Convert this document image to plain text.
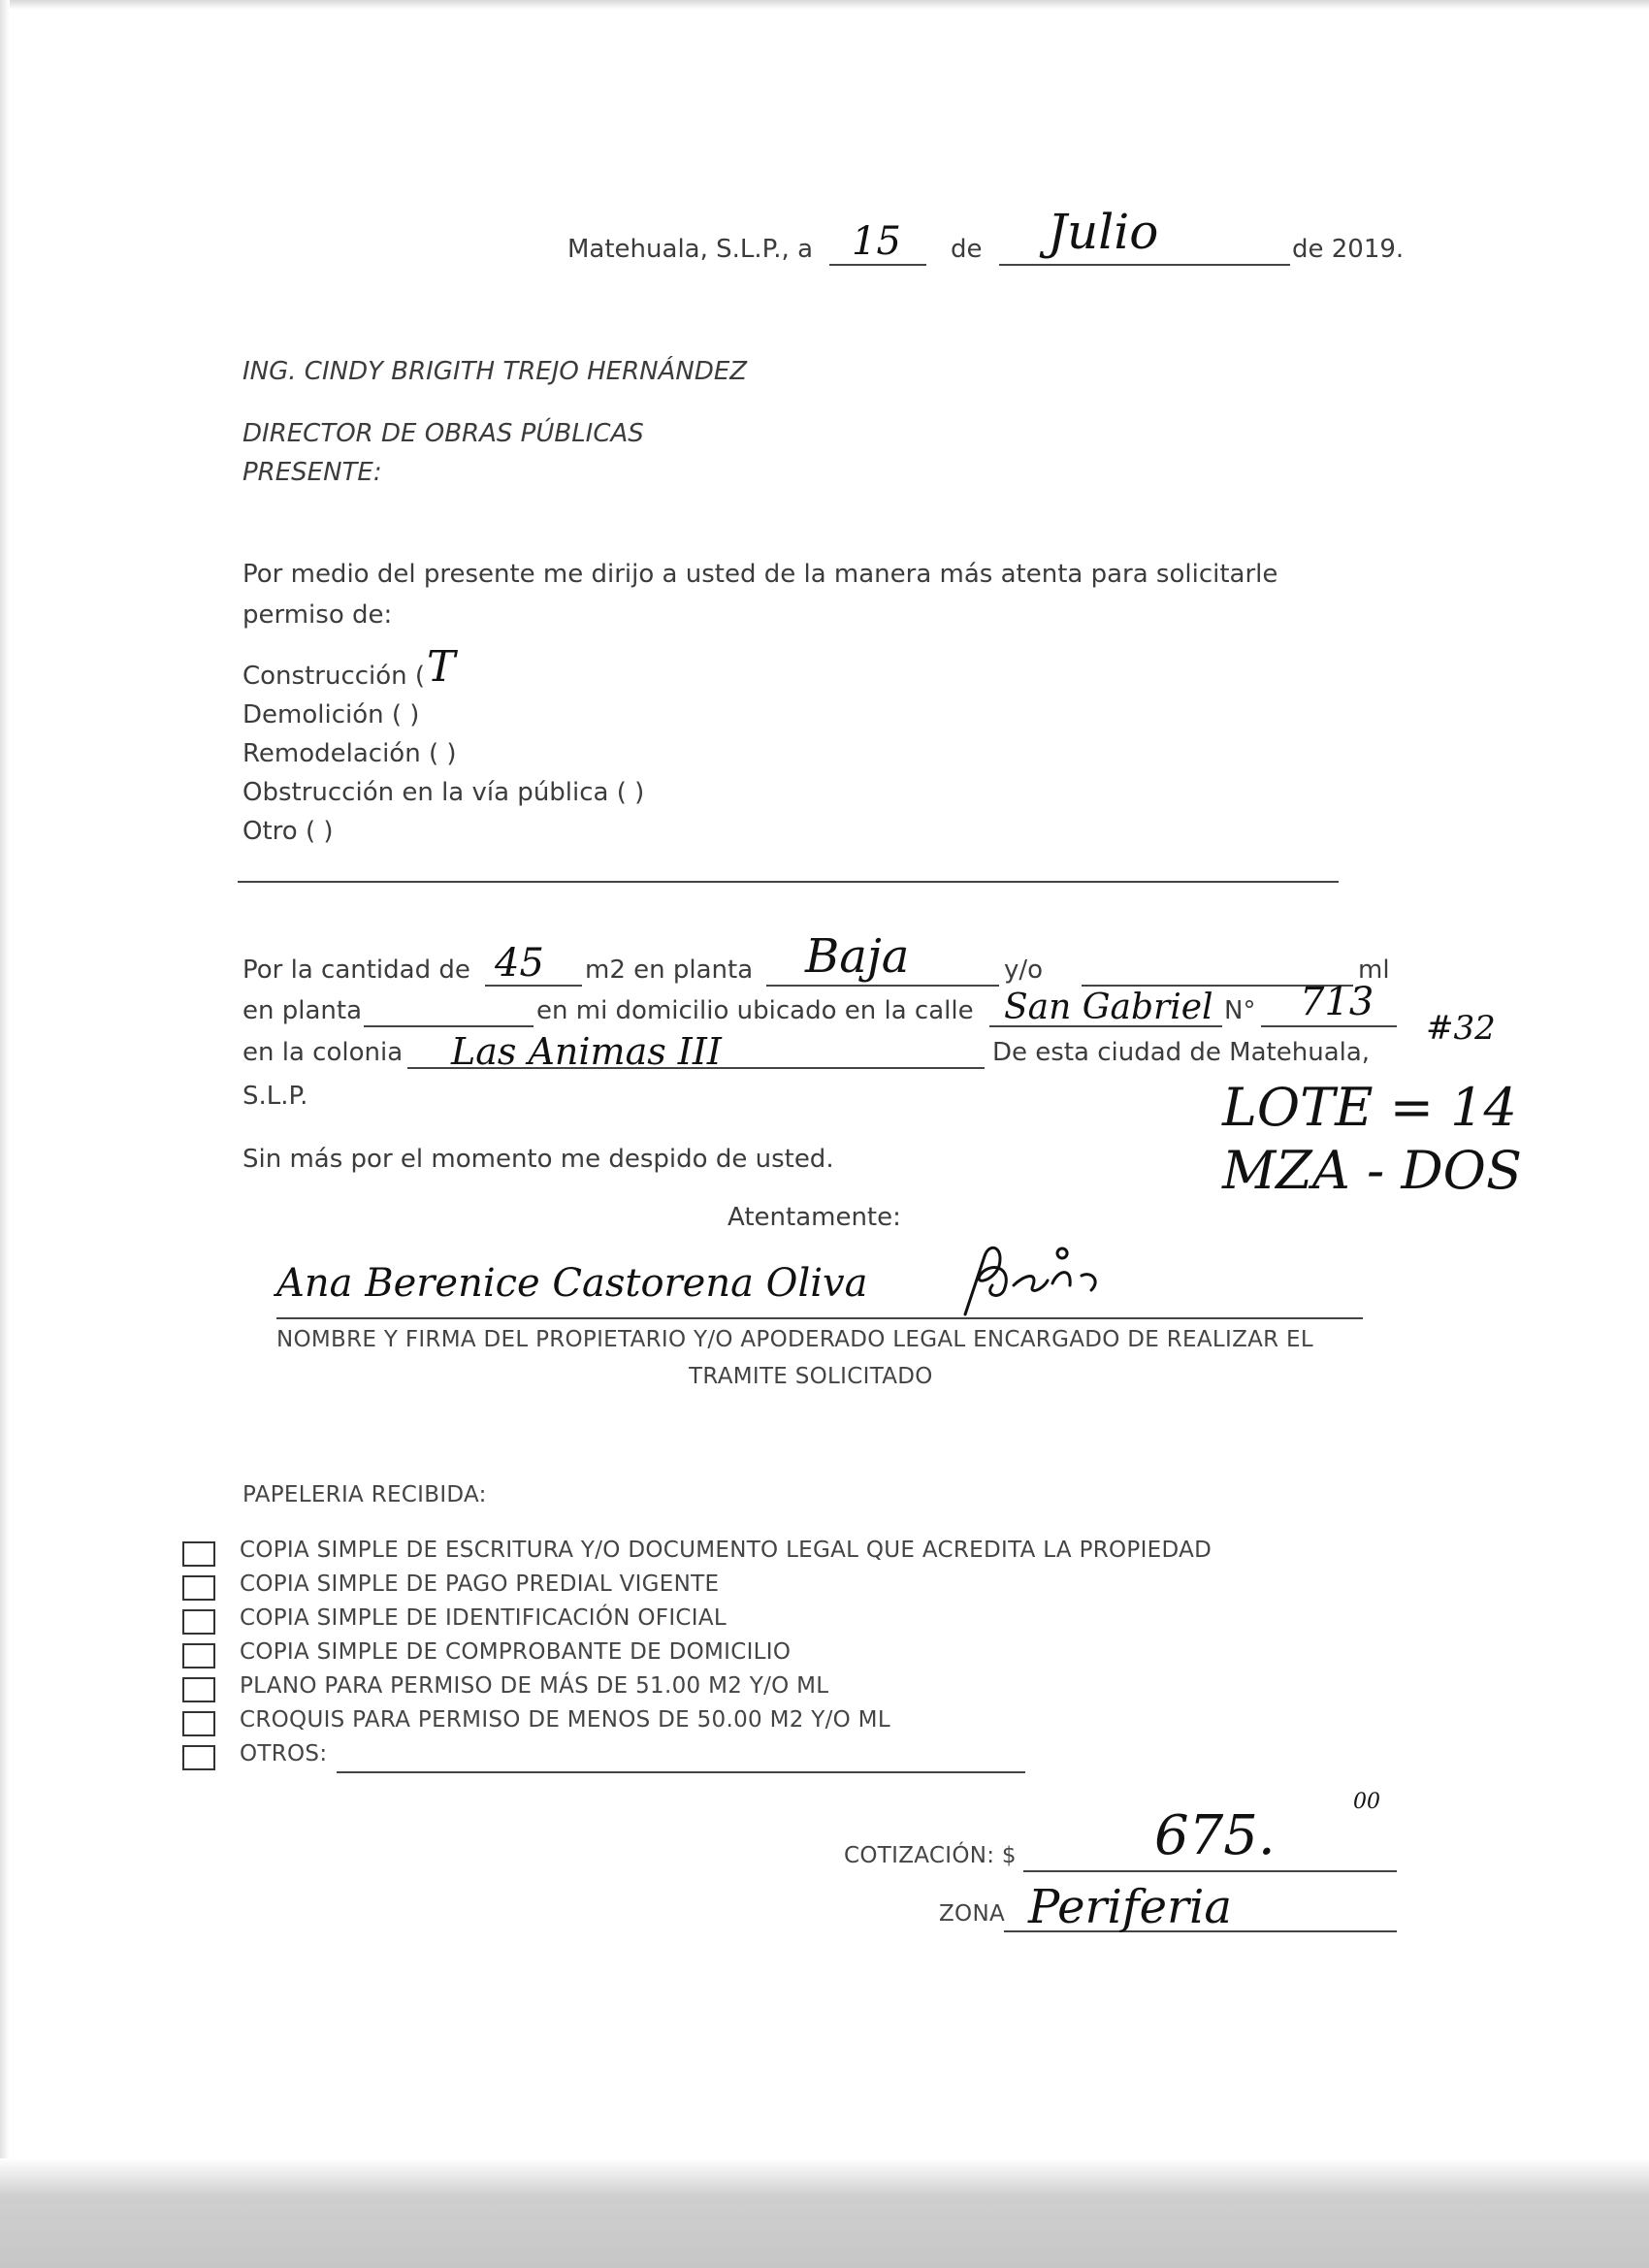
Matehuala, S.L.P., a 15 de Julio	de 2019.
ING. CINDY BRIGITH TREJO HERNÁNDEZ
DIRECTOR DE OBRAS PÚBLICAS
PRESENTE:
Por medio del presente me dirijo a usted de la manera más atenta para solicitarle
permiso de:
Construcción ( T
Demolición ( )
Remodelación ( )
Obstrucción en la vía pública ( )
Otro ( )
Por la cantidad de 45 m2 en planta Baja	y/o	ml
en planta	en mi domicilio ubicado en la calle San Gabriel N° 713
#32
en la colonia Las Animas III	De esta ciudad de Matehuala,
S.L.P.	LOTE = 14
MZA - DOS
Sin más por el momento me despido de usted.
Atentamente:
Ana Berenice Castorena Oliva
NOMBRE Y FIRMA DEL PROPIETARIO Y/O APODERADO LEGAL ENCARGADO DE REALIZAR EL
TRAMITE SOLICITADO
PAPELERIA RECIBIDA:
COPIA SIMPLE DE ESCRITURA Y/O DOCUMENTO LEGAL QUE ACREDITA LA PROPIEDAD
COPIA SIMPLE DE PAGO PREDIAL VIGENTE
COPIA SIMPLE DE IDENTIFICACIÓN OFICIAL
COPIA SIMPLE DE COMPROBANTE DE DOMICILIO
PLANO PARA PERMISO DE MÁS DE 51.00 M2 Y/O ML
CROQUIS PARA PERMISO DE MENOS DE 50.00 M2 Y/O ML
OTROS:
COTIZACIÓN: $	675.
00
ZONA Periferia
